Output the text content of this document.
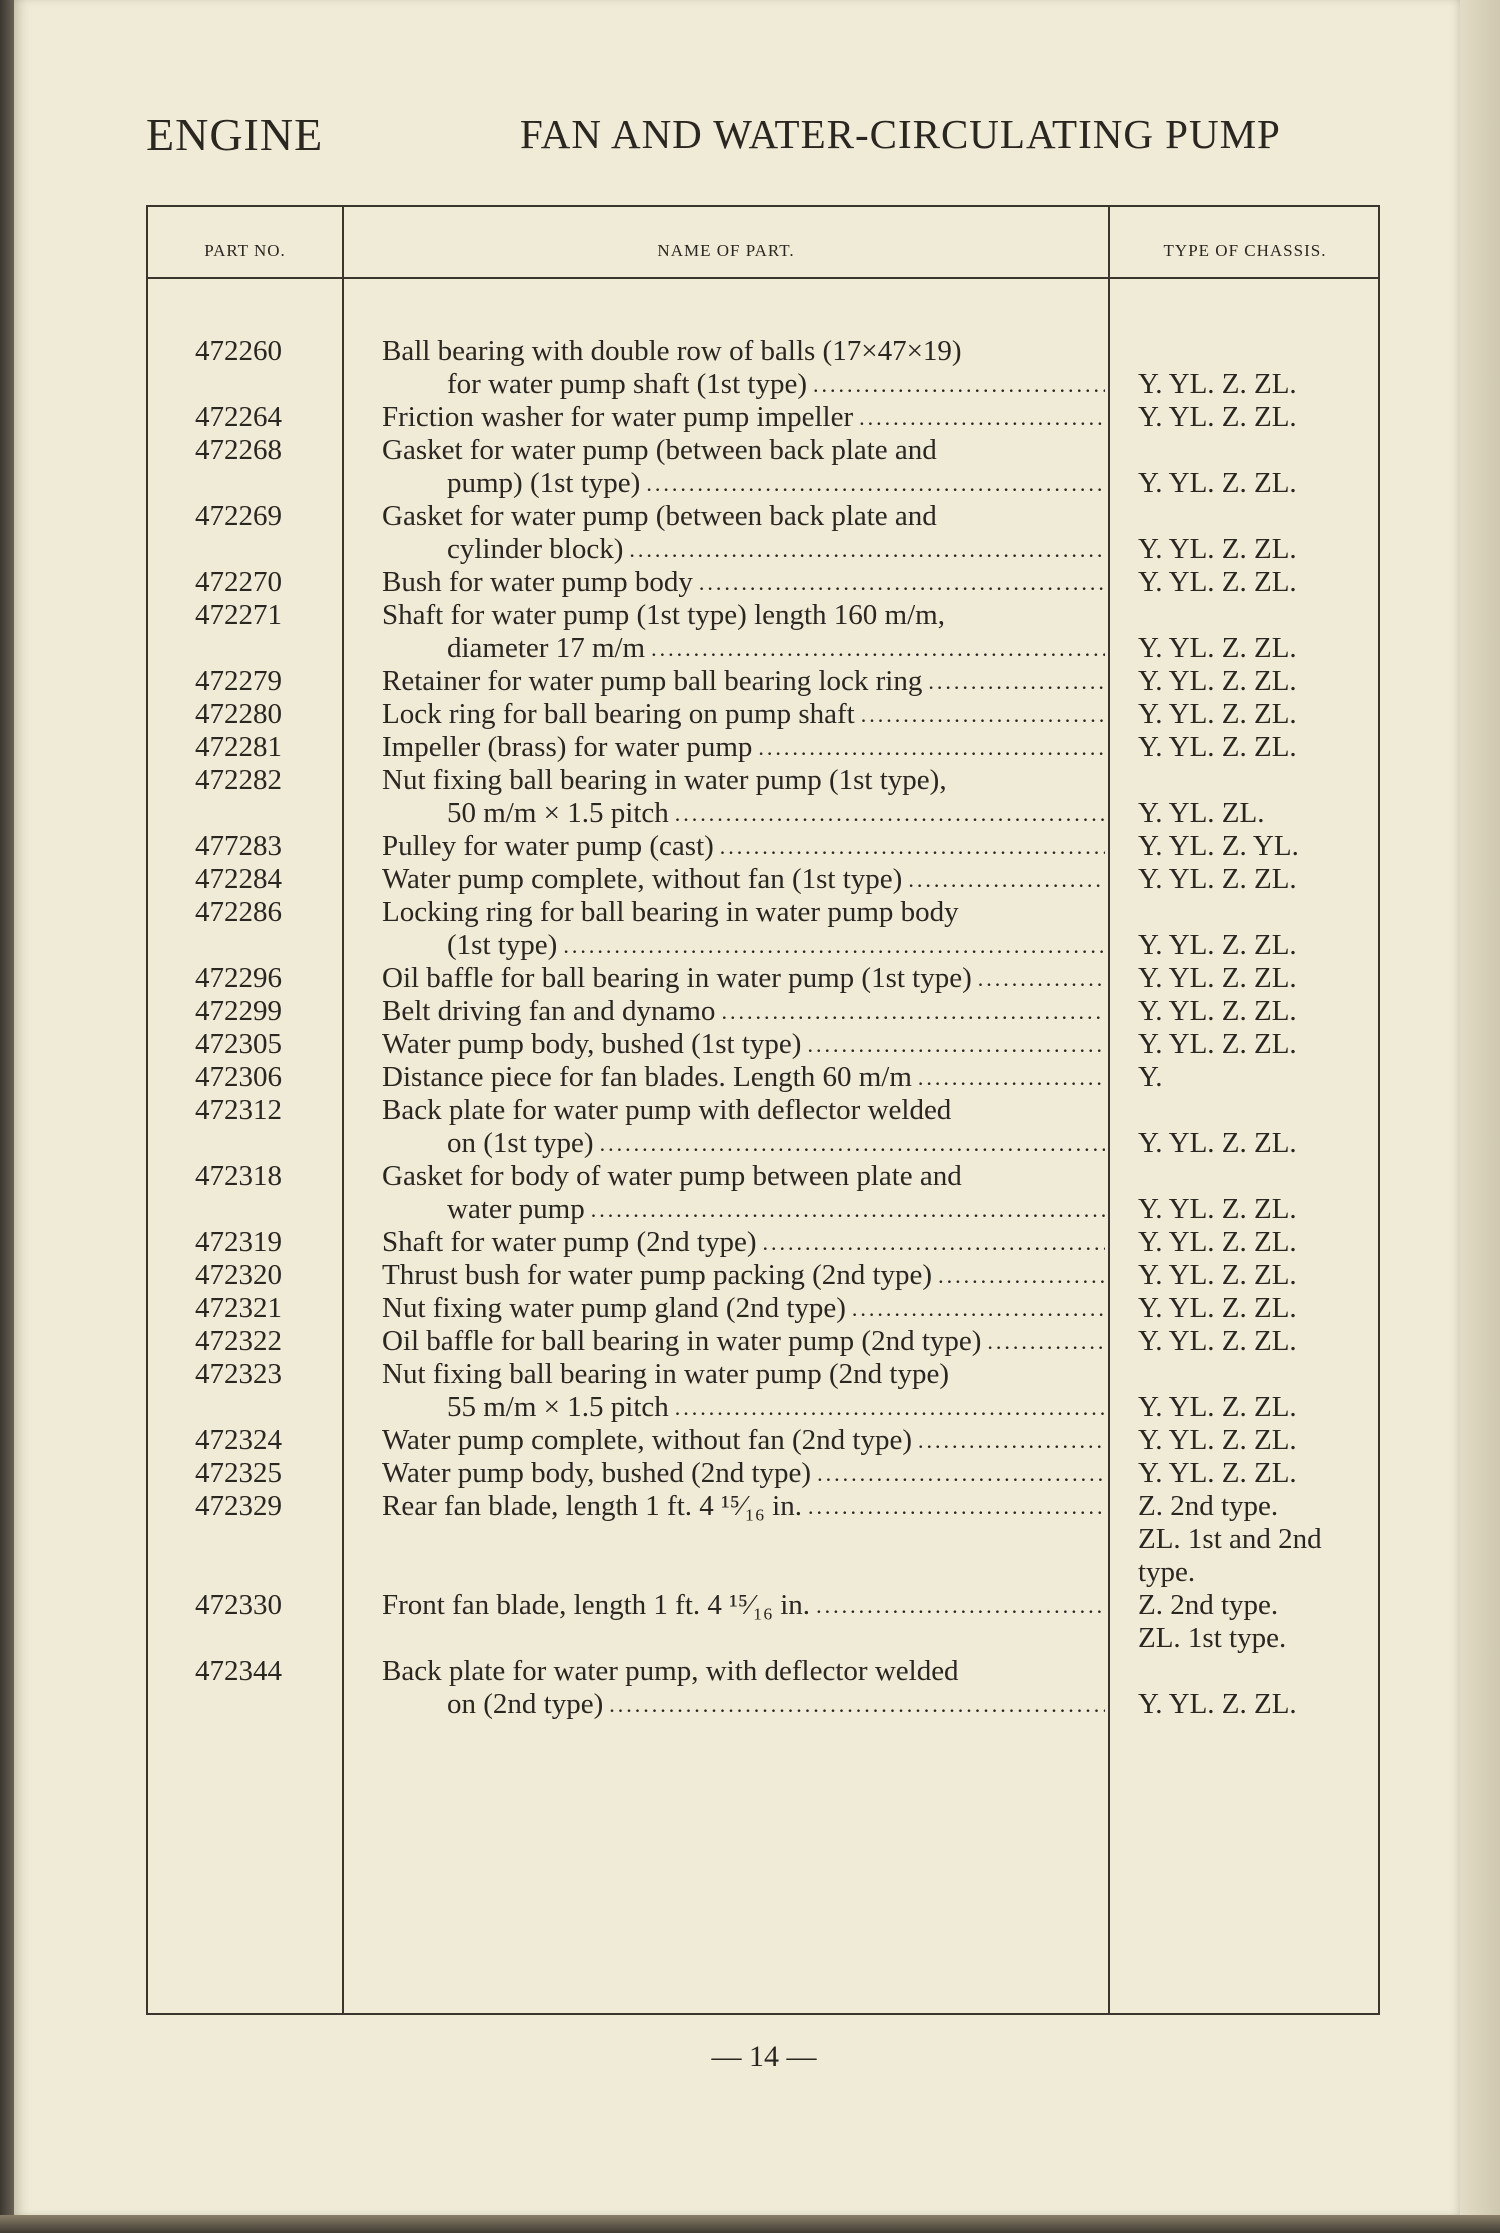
ENGINE	FAN AND WATER-CIRCULATING PUMP
PART NO.	NAME OF PART.	TYPE OF CHASSIS.
472260	Ball bearing with double row of balls (17×47×19)
for water pump shaft (1st type) .....	Y. YL. Z. ZL.
472264	Friction washer for water pump impeller .....	Y. YL. Z. ZL.
472268	Gasket for water pump (between back plate and
pump) (1st type) .....	Y. YL. Z. ZL.
472269	Gasket for water pump (between back plate and
cylinder block) .....	Y. YL. Z. ZL.
472270	Bush for water pump body .....	Y. YL. Z. ZL.
472271	Shaft for water pump (1st type) length 160 m/m,
diameter 17 m/m .....	Y. YL. Z. ZL.
472279	Retainer for water pump ball bearing lock ring .....	Y. YL. Z. ZL.
472280	Lock ring for ball bearing on pump shaft .....	Y. YL. Z. ZL.
472281	Impeller (brass) for water pump .....	Y. YL. Z. ZL.
472282	Nut fixing ball bearing in water pump (1st type),
50 m/m × 1.5 pitch .....	Y. YL. ZL.
477283	Pulley for water pump (cast) .....	Y. YL. Z. YL.
472284	Water pump complete, without fan (1st type) .....	Y. YL. Z. ZL.
472286	Locking ring for ball bearing in water pump body
(1st type) .....	Y. YL. Z. ZL.
472296	Oil baffle for ball bearing in water pump (1st type) .....	Y. YL. Z. ZL.
472299	Belt driving fan and dynamo .....	Y. YL. Z. ZL.
472305	Water pump body, bushed (1st type) .....	Y. YL. Z. ZL.
472306	Distance piece for fan blades. Length 60 m/m .....	Y.
472312	Back plate for water pump with deflector welded
on (1st type) .....	Y. YL. Z. ZL.
472318	Gasket for body of water pump between plate and
water pump .....	Y. YL. Z. ZL.
472319	Shaft for water pump (2nd type) .....	Y. YL. Z. ZL.
472320	Thrust bush for water pump packing (2nd type) .....	Y. YL. Z. ZL.
472321	Nut fixing water pump gland (2nd type) .....	Y. YL. Z. ZL.
472322	Oil baffle for ball bearing in water pump (2nd type) .....	Y. YL. Z. ZL.
472323	Nut fixing ball bearing in water pump (2nd type)
55 m/m × 1.5 pitch .....	Y. YL. Z. ZL.
472324	Water pump complete, without fan (2nd type) .....	Y. YL. Z. ZL.
472325	Water pump body, bushed (2nd type) .....	Y. YL. Z. ZL.
472329	Rear fan blade, length 1 ft. 4 ¹⁵⁄₁₆ in. .....	Z. 2nd type.
ZL. 1st and 2nd
type.
472330	Front fan blade, length 1 ft. 4 ¹⁵⁄₁₆ in. .....	Z. 2nd type.
ZL. 1st type.
472344	Back plate for water pump, with deflector welded
on (2nd type) .....	Y. YL. Z. ZL.
— 14 —
